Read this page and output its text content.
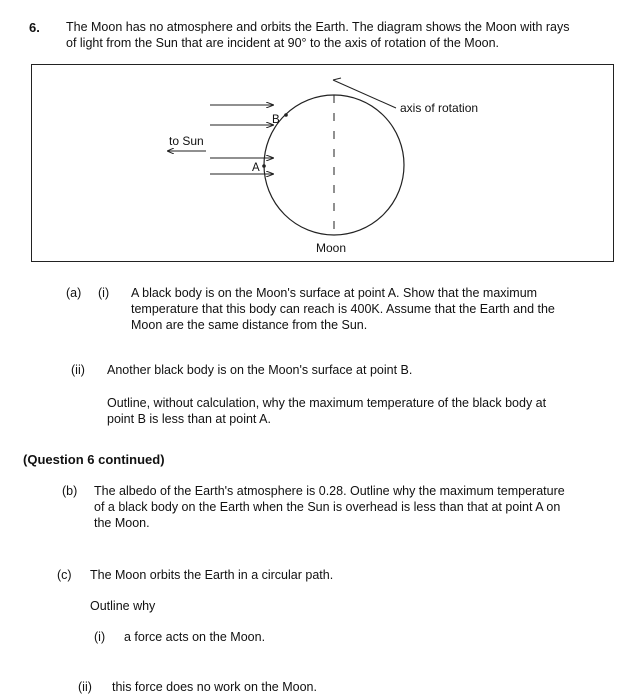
6. The Moon has no atmosphere and orbits the Earth. The diagram shows the Moon with rays
of light from the Sun that are incident at 90° to the axis of rotation of the Moon.
axis of rotation
B
A
to Sun
Moon
(a) (i) A black body is on the Moon's surface at point A. Show that the maximum
temperature that this body can reach is 400K. Assume that the Earth and the
Moon are the same distance from the Sun.
(ii) Another black body is on the Moon's surface at point B.
Outline, without calculation, why the maximum temperature of the black body at
point B is less than at point A.
(Question 6 continued)
(b) The albedo of the Earth's atmosphere is 0.28. Outline why the maximum temperature
of a black body on the Earth when the Sun is overhead is less than that at point A on
the Moon.
(c) The Moon orbits the Earth in a circular path.
Outline why
(i) a force acts on the Moon.
(ii) this force does no work on the Moon.
